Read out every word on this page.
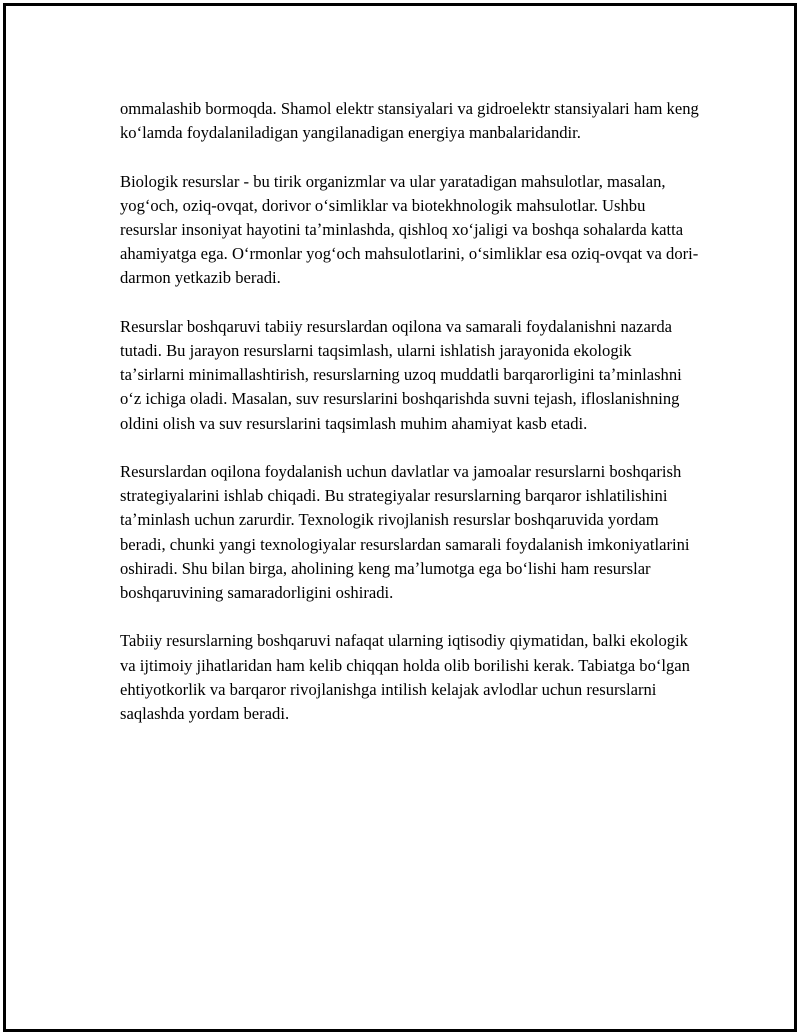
ommalashib bormoqda. Shamol elektr stansiyalari va gidroelektr stansiyalari ham keng koʻlamda foydalaniladigan yangilanadigan energiya manbalaridandir.

Biologik resurslar - bu tirik organizmlar va ular yaratadigan mahsulotlar, masalan, yogʻoch, oziq-ovqat, dorivor oʻsimliklar va biotekhnologik mahsulotlar. Ushbu resurslar insoniyat hayotini taʼminlashda, qishloq xoʻjaligi va boshqa sohalarda katta ahamiyatga ega. Oʻrmonlar yogʻoch mahsulotlarini, oʻsimliklar esa oziq-ovqat va dori-darmon yetkazib beradi.

Resurslar boshqaruvi tabiiy resurslardan oqilona va samarali foydalanishni nazarda tutadi. Bu jarayon resurslarni taqsimlash, ularni ishlatish jarayonida ekologik taʼsirlarni minimallashtirish, resurslarning uzoq muddatli barqarorligini taʼminlashni oʻz ichiga oladi. Masalan, suv resurslarini boshqarishda suvni tejash, ifloslanishning oldini olish va suv resurslarini taqsimlash muhim ahamiyat kasb etadi.

Resurslardan oqilona foydalanish uchun davlatlar va jamoalar resurslarni boshqarish strategiyalarini ishlab chiqadi. Bu strategiyalar resurslarning barqaror ishlatilishini taʼminlash uchun zarurdir. Texnologik rivojlanish resurslar boshqaruvida yordam beradi, chunki yangi texnologiyalar resurslardan samarali foydalanish imkoniyatlarini oshiradi. Shu bilan birga, aholining keng maʼlumotga ega boʻlishi ham resurslar boshqaruvining samaradorligini oshiradi.

Tabiiy resurslarning boshqaruvi nafaqat ularning iqtisodiy qiymatidan, balki ekologik va ijtimoiy jihatlaridan ham kelib chiqqan holda olib borilishi kerak. Tabiatga boʻlgan ehtiyotkorlik va barqaror rivojlanishga intilish kelajak avlodlar uchun resurslarni saqlashda yordam beradi.
